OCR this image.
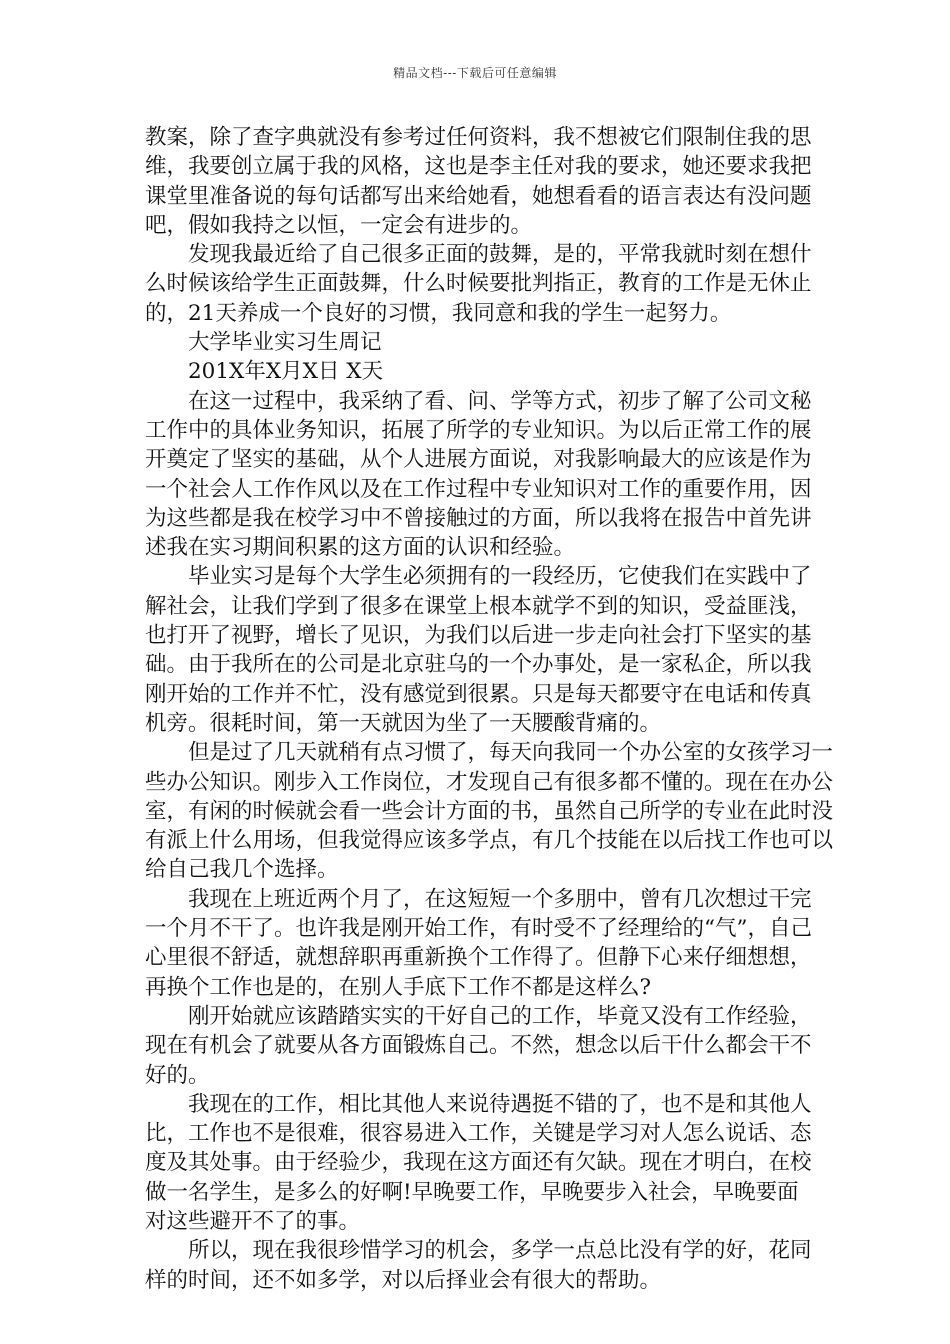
精品文档---下载后可任意编辑

教案，除了查字典就没有参考过任何资料，我不想被它们限制住我的思维，我要创立属于我的风格，这也是李主任对我的要求，她还要求我把课堂里准备说的每句话都写出来给她看，她想看看的语言表达有没问题吧，假如我持之以恒，一定会有进步的。

发现我最近给了自己很多正面的鼓舞，是的，平常我就时刻在想什么时候该给学生正面鼓舞，什么时候要批判指正，教育的工作是无休止的，21天养成一个良好的习惯，我同意和我的学生一起努力。

大学毕业实习生周记

201X年X月X日 X天

在这一过程中，我采纳了看、问、学等方式，初步了解了公司文秘工作中的具体业务知识，拓展了所学的专业知识。为以后正常工作的展开奠定了坚实的基础，从个人进展方面说，对我影响最大的应该是作为一个社会人工作作风以及在工作过程中专业知识对工作的重要作用，因为这些都是我在校学习中不曾接触过的方面，所以我将在报告中首先讲述我在实习期间积累的这方面的认识和经验。

毕业实习是每个大学生必须拥有的一段经历，它使我们在实践中了解社会，让我们学到了很多在课堂上根本就学不到的知识，受益匪浅，也打开了视野，增长了见识，为我们以后进一步走向社会打下坚实的基础。由于我所在的公司是北京驻乌的一个办事处，是一家私企，所以我刚开始的工作并不忙，没有感觉到很累。只是每天都要守在电话和传真机旁。很耗时间，第一天就因为坐了一天腰酸背痛的。

但是过了几天就稍有点习惯了，每天向我同一个办公室的女孩学习一些办公知识。刚步入工作岗位，才发现自己有很多都不懂的。现在在办公室，有闲的时候就会看一些会计方面的书，虽然自己所学的专业在此时没有派上什么用场，但我觉得应该多学点，有几个技能在以后找工作也可以给自己我几个选择。

我现在上班近两个月了，在这短短一个多朋中，曾有几次想过干完一个月不干了。也许我是刚开始工作，有时受不了经理给的“气”，自己心里很不舒适，就想辞职再重新换个工作得了。但静下心来仔细想想，再换个工作也是的，在别人手底下工作不都是这样么?

刚开始就应该踏踏实实的干好自己的工作，毕竟又没有工作经验，现在有机会了就要从各方面锻炼自己。不然，想念以后干什么都会干不好的。

我现在的工作，相比其他人来说待遇挺不错的了，也不是和其他人比，工作也不是很难，很容易进入工作，关键是学习对人怎么说话、态度及其处事。由于经验少，我现在这方面还有欠缺。现在才明白，在校做一名学生，是多么的好啊!早晚要工作，早晚要步入社会，早晚要面对这些避开不了的事。

所以，现在我很珍惜学习的机会，多学一点总比没有学的好，花同样的时间，还不如多学，对以后择业会有很大的帮助。
